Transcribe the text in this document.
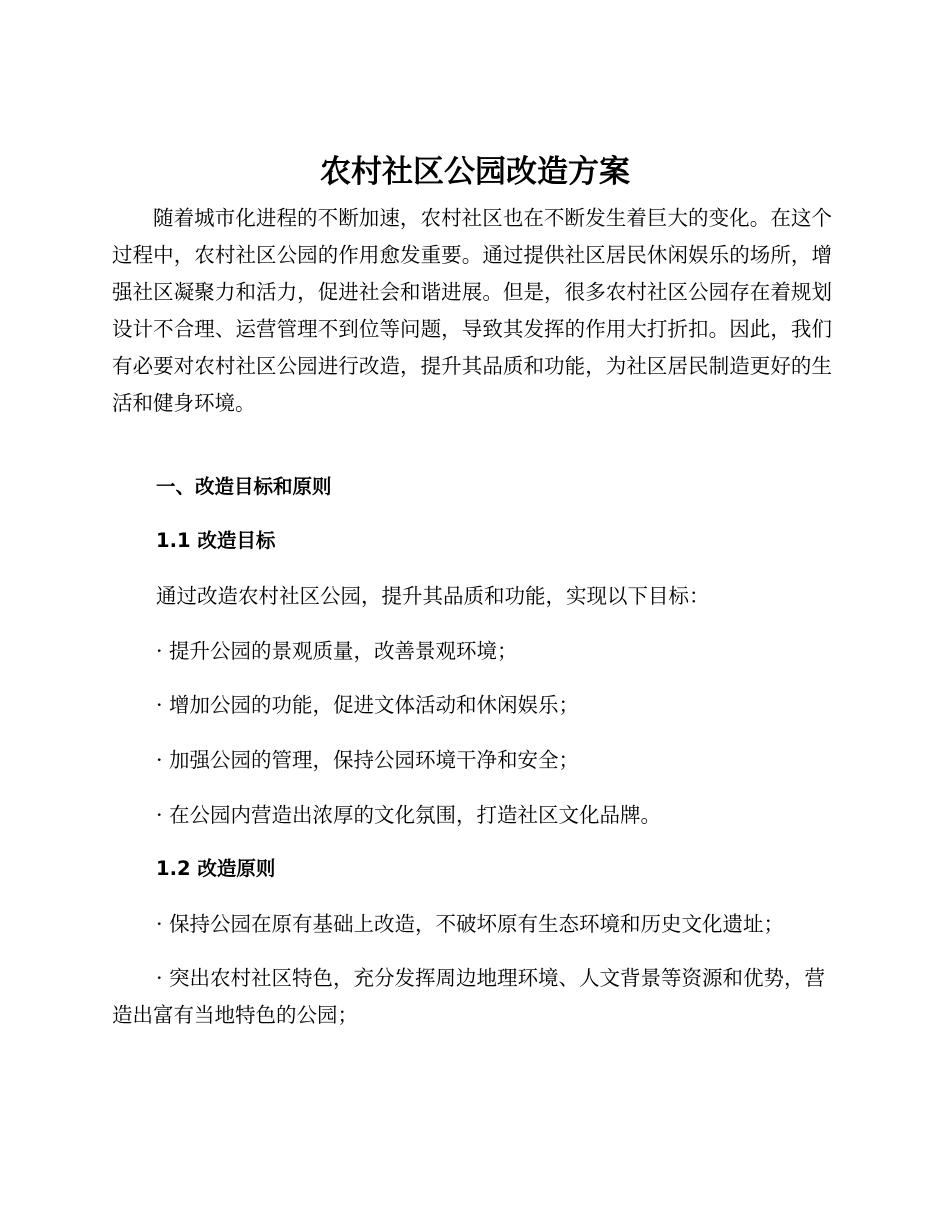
农村社区公园改造方案

随着城市化进程的不断加速，农村社区也在不断发生着巨大的变化。在这个过程中，农村社区公园的作用愈发重要。通过提供社区居民休闲娱乐的场所，增强社区凝聚力和活力，促进社会和谐进展。但是，很多农村社区公园存在着规划设计不合理、运营管理不到位等问题，导致其发挥的作用大打折扣。因此，我们有必要对农村社区公园进行改造，提升其品质和功能，为社区居民制造更好的生活和健身环境。

一、改造目标和原则
1.1 改造目标

通过改造农村社区公园，提升其品质和功能，实现以下目标：

· 提升公园的景观质量，改善景观环境；

· 增加公园的功能，促进文体活动和休闲娱乐；

· 加强公园的管理，保持公园环境干净和安全；

· 在公园内营造出浓厚的文化氛围，打造社区文化品牌。

1.2 改造原则

· 保持公园在原有基础上改造，不破坏原有生态环境和历史文化遗址；

· 突出农村社区特色，充分发挥周边地理环境、人文背景等资源和优势，营造出富有当地特色的公园；
